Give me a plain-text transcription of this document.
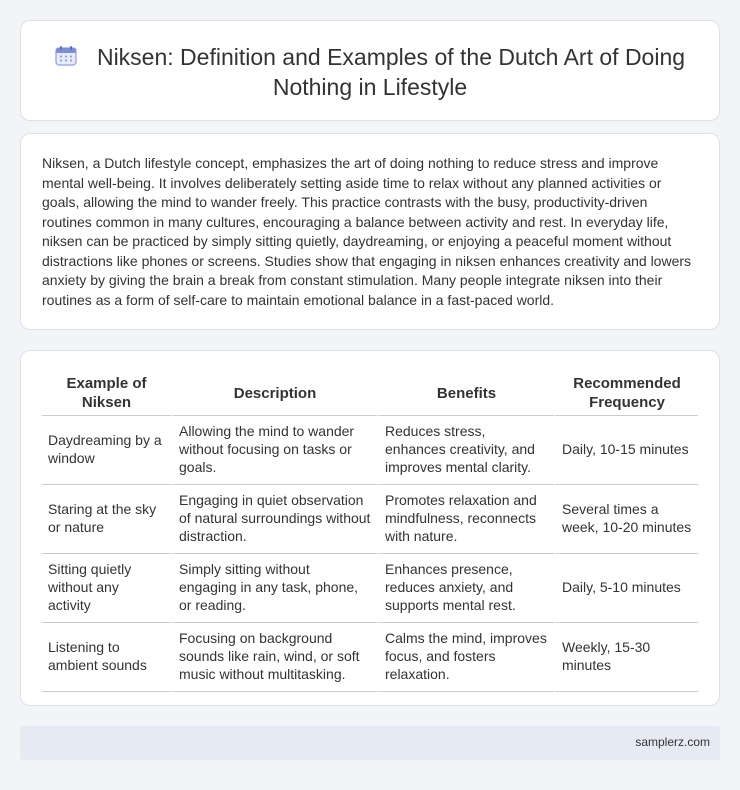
Niksen: Definition and Examples of the Dutch Art of Doing Nothing in Lifestyle

Niksen, a Dutch lifestyle concept, emphasizes the art of doing nothing to reduce stress and improve mental well-being. It involves deliberately setting aside time to relax without any planned activities or goals, allowing the mind to wander freely. This practice contrasts with the busy, productivity-driven routines common in many cultures, encouraging a balance between activity and rest. In everyday life, niksen can be practiced by simply sitting quietly, daydreaming, or enjoying a peaceful moment without distractions like phones or screens. Studies show that engaging in niksen enhances creativity and lowers anxiety by giving the brain a break from constant stimulation. Many people integrate niksen into their routines as a form of self-care to maintain emotional balance in a fast-paced world.

Example of Niksen	Description	Benefits	Recommended Frequency
Daydreaming by a window	Allowing the mind to wander without focusing on tasks or goals.	Reduces stress, enhances creativity, and improves mental clarity.	Daily, 10-15 minutes
Staring at the sky or nature	Engaging in quiet observation of natural surroundings without distraction.	Promotes relaxation and mindfulness, reconnects with nature.	Several times a week, 10-20 minutes
Sitting quietly without any activity	Simply sitting without engaging in any task, phone, or reading.	Enhances presence, reduces anxiety, and supports mental rest.	Daily, 5-10 minutes
Listening to ambient sounds	Focusing on background sounds like rain, wind, or soft music without multitasking.	Calms the mind, improves focus, and fosters relaxation.	Weekly, 15-30 minutes
samplerz.com
